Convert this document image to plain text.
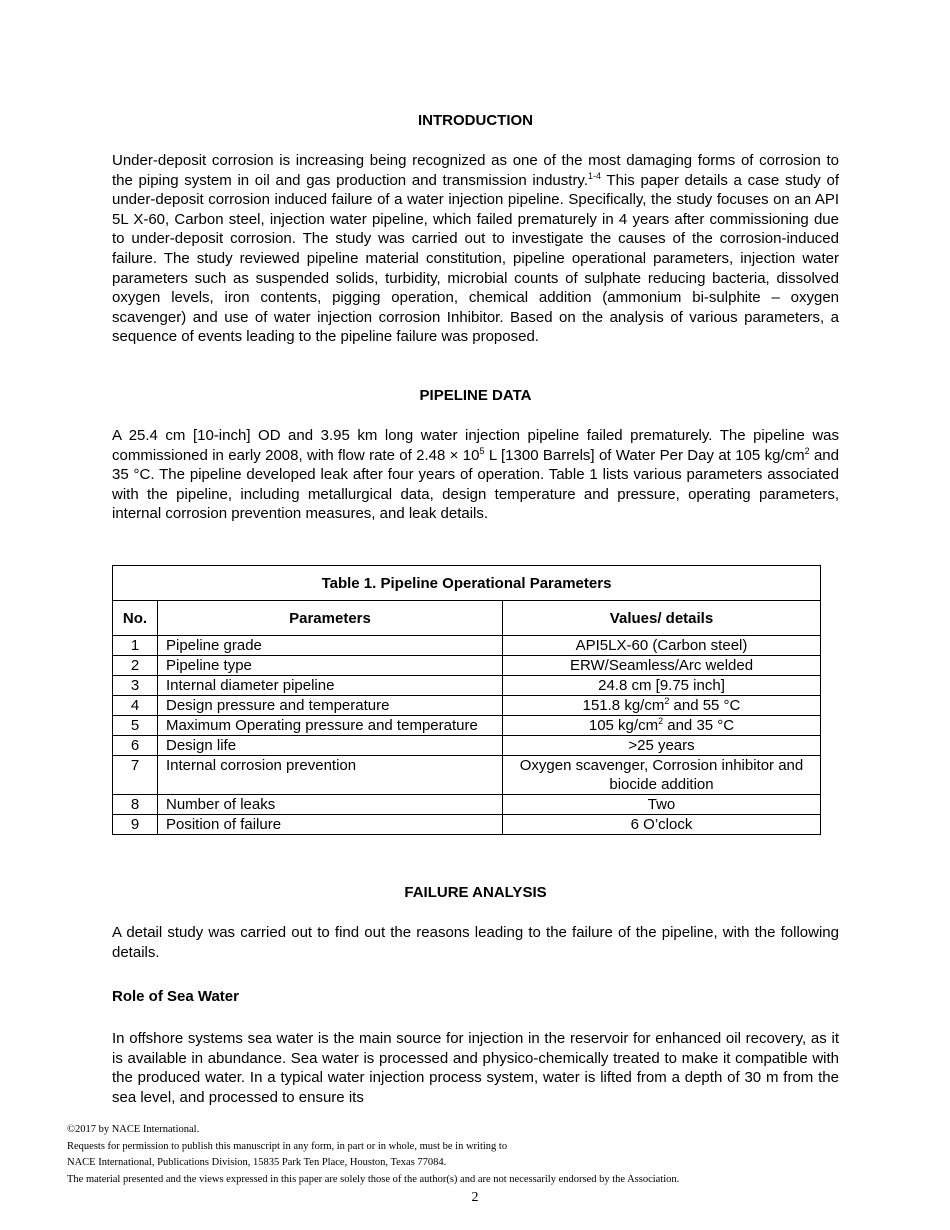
INTRODUCTION

Under-deposit corrosion is increasing being recognized as one of the most damaging forms of corrosion to the piping system in oil and gas production and transmission industry.$^{1-4}$ This paper details a case study of under-deposit corrosion induced failure of a water injection pipeline. Specifically, the study focuses on an API 5L X-60, Carbon steel, injection water pipeline, which failed prematurely in 4 years after commissioning due to under-deposit corrosion. The study was carried out to investigate the causes of the corrosion-induced failure. The study reviewed pipeline material constitution, pipeline operational parameters, injection water parameters such as suspended solids, turbidity, microbial counts of sulphate reducing bacteria, dissolved oxygen levels, iron contents, pigging operation, chemical addition (ammonium bi-sulphite – oxygen scavenger) and use of water injection corrosion Inhibitor. Based on the analysis of various parameters, a sequence of events leading to the pipeline failure was proposed.

PIPELINE DATA

A 25.4 cm [10-inch] OD and 3.95 km long water injection pipeline failed prematurely. The pipeline was commissioned in early 2008, with flow rate of $2.48 \times 10^5$ L [1300 Barrels] of Water Per Day at 105 $kg/cm^2$ and 35 °C. The pipeline developed leak after four years of operation. Table 1 lists various parameters associated with the pipeline, including metallurgical data, design temperature and pressure, operating parameters, internal corrosion prevention measures, and leak details.

Table 1. Pipeline Operational Parameters		
No.	Parameters	Values/ details
1	Pipeline grade	API5LX-60 (Carbon steel)
2	Pipeline type	ERW/Seamless/Arc welded
3	Internal diameter pipeline	24.8 cm [9.75 inch]
4	Design pressure and temperature	151.8 $kg/cm^2$ and 55 °C
5	Maximum Operating pressure and temperature	105 $kg/cm^2$ and 35 °C
6	Design life	>25 years
7	Internal corrosion prevention	Oxygen scavenger, Corrosion inhibitor and biocide addition
8	Number of leaks	Two
9	Position of failure	6 O’clock
FAILURE ANALYSIS

A detail study was carried out to find out the reasons leading to the failure of the pipeline, with the following details.

Role of Sea Water

In offshore systems sea water is the main source for injection in the reservoir for enhanced oil recovery, as it is available in abundance. Sea water is processed and physico-chemically treated to make it compatible with the produced water. In a typical water injection process system, water is lifted from a depth of 30 m from the sea level, and processed to ensure its

©2017 by NACE International.
Requests for permission to publish this manuscript in any form, in part or in whole, must be in writing to
NACE International, Publications Division, 15835 Park Ten Place, Houston, Texas 77084.
The material presented and the views expressed in this paper are solely those of the author(s) and are not necessarily endorsed by the Association.
2
